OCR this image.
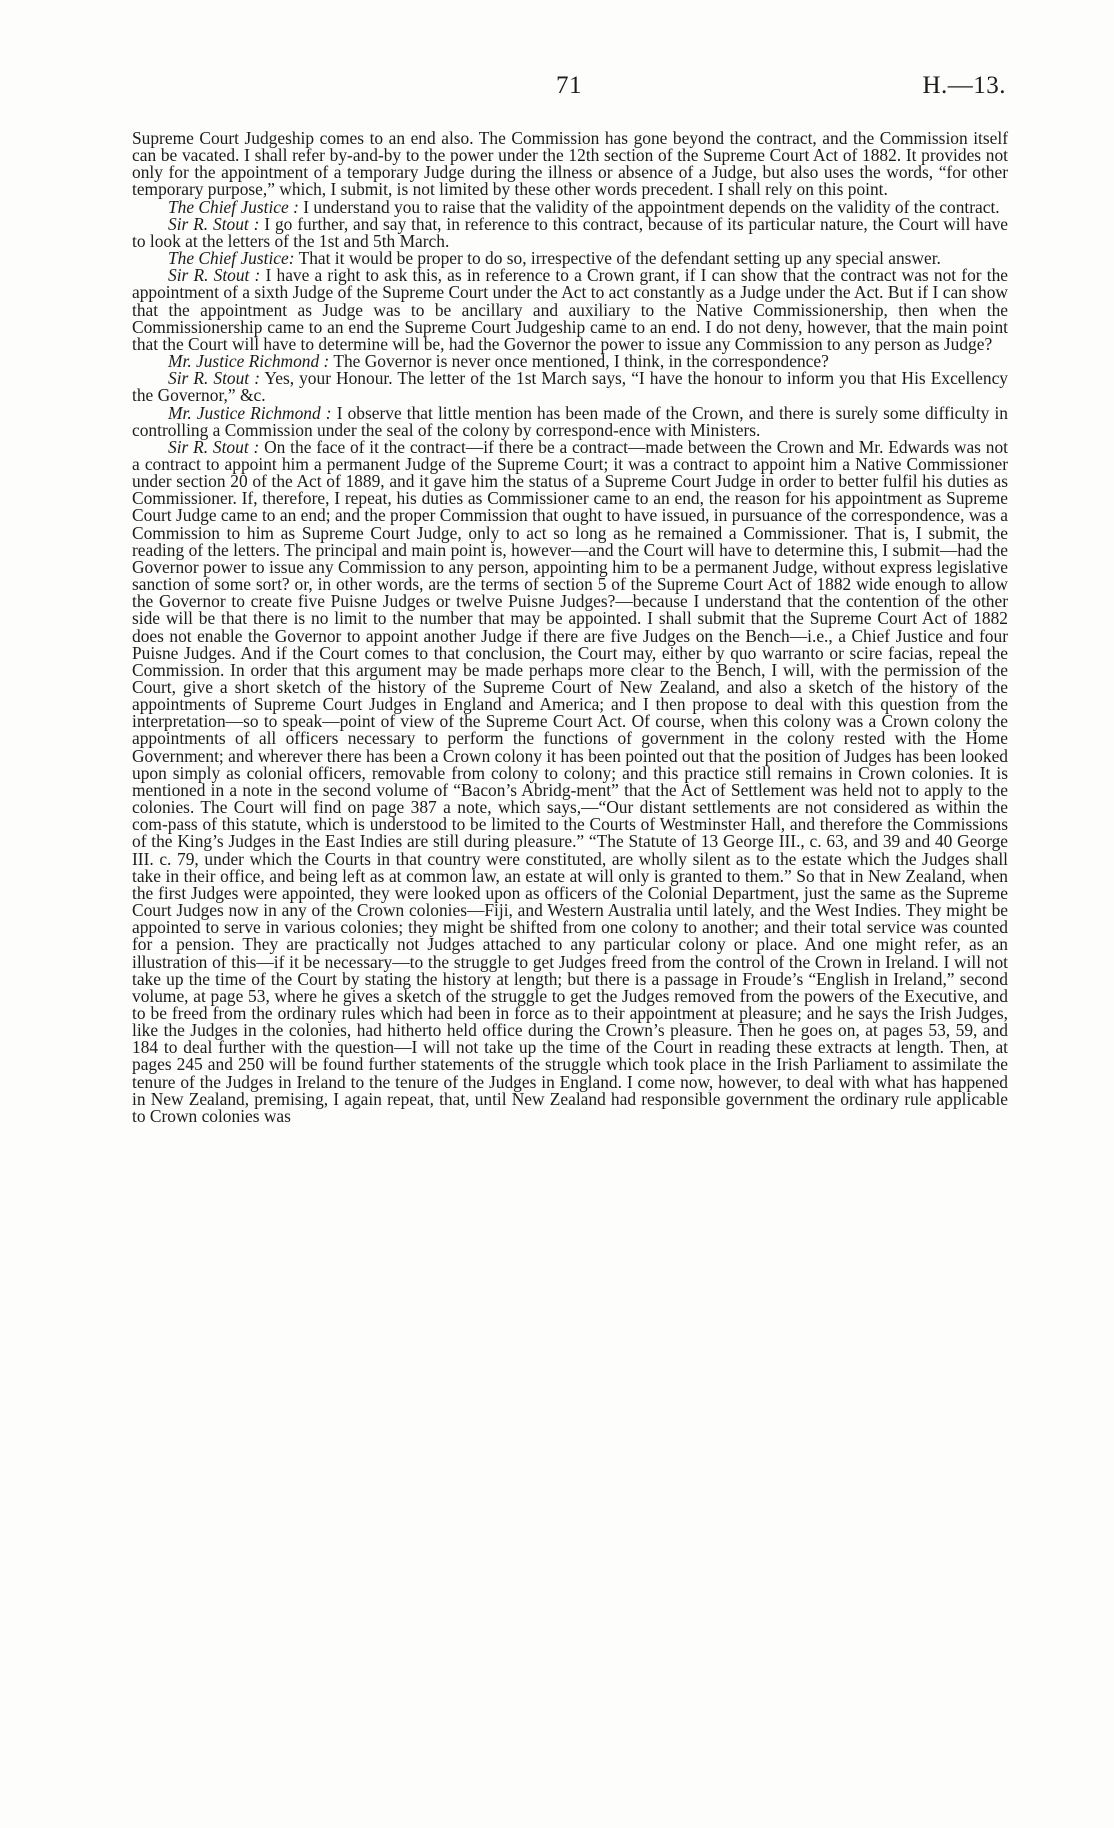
71	H.—13.

Supreme Court Judgeship comes to an end also. The Commission has gone beyond the contract, and the Commission itself can be vacated. I shall refer by-and-by to the power under the 12th section of the Supreme Court Act of 1882. It provides not only for the appointment of a temporary Judge during the illness or absence of a Judge, but also uses the words, “for other temporary purpose,” which, I submit, is not limited by these other words precedent. I shall rely on this point.

The Chief Justice : I understand you to raise that the validity of the appointment depends on the validity of the contract.

Sir R. Stout : I go further, and say that, in reference to this contract, because of its particular nature, the Court will have to look at the letters of the 1st and 5th March.

The Chief Justice: That it would be proper to do so, irrespective of the defendant setting up any special answer.

Sir R. Stout : I have a right to ask this, as in reference to a Crown grant, if I can show that the contract was not for the appointment of a sixth Judge of the Supreme Court under the Act to act constantly as a Judge under the Act. But if I can show that the appointment as Judge was to be ancillary and auxiliary to the Native Commissionership, then when the Commissionership came to an end the Supreme Court Judgeship came to an end. I do not deny, however, that the main point that the Court will have to determine will be, had the Governor the power to issue any Commission to any person as Judge?

Mr. Justice Richmond : The Governor is never once mentioned, I think, in the correspondence?

Sir R. Stout : Yes, your Honour. The letter of the 1st March says, “I have the honour to inform you that His Excellency the Governor,” &c.

Mr. Justice Richmond : I observe that little mention has been made of the Crown, and there is surely some difficulty in controlling a Commission under the seal of the colony by correspond-ence with Ministers.

Sir R. Stout : On the face of it the contract—if there be a contract—made between the Crown and Mr. Edwards was not a contract to appoint him a permanent Judge of the Supreme Court; it was a contract to appoint him a Native Commissioner under section 20 of the Act of 1889, and it gave him the status of a Supreme Court Judge in order to better fulfil his duties as Commissioner. If, therefore, I repeat, his duties as Commissioner came to an end, the reason for his appointment as Supreme Court Judge came to an end; and the proper Commission that ought to have issued, in pursuance of the correspondence, was a Commission to him as Supreme Court Judge, only to act so long as he remained a Commissioner. That is, I submit, the reading of the letters. The principal and main point is, however—and the Court will have to determine this, I submit—had the Governor power to issue any Commission to any person, appointing him to be a permanent Judge, without express legislative sanction of some sort? or, in other words, are the terms of section 5 of the Supreme Court Act of 1882 wide enough to allow the Governor to create five Puisne Judges or twelve Puisne Judges?—because I understand that the contention of the other side will be that there is no limit to the number that may be appointed. I shall submit that the Supreme Court Act of 1882 does not enable the Governor to appoint another Judge if there are five Judges on the Bench—i.e., a Chief Justice and four Puisne Judges. And if the Court comes to that conclusion, the Court may, either by quo warranto or scire facias, repeal the Commission. In order that this argument may be made perhaps more clear to the Bench, I will, with the permission of the Court, give a short sketch of the history of the Supreme Court of New Zealand, and also a sketch of the history of the appointments of Supreme Court Judges in England and America; and I then propose to deal with this question from the interpretation—so to speak—point of view of the Supreme Court Act. Of course, when this colony was a Crown colony the appointments of all officers necessary to perform the functions of government in the colony rested with the Home Government; and wherever there has been a Crown colony it has been pointed out that the position of Judges has been looked upon simply as colonial officers, removable from colony to colony; and this practice still remains in Crown colonies. It is mentioned in a note in the second volume of “Bacon’s Abridg-ment” that the Act of Settlement was held not to apply to the colonies. The Court will find on page 387 a note, which says,—“Our distant settlements are not considered as within the com-pass of this statute, which is understood to be limited to the Courts of Westminster Hall, and therefore the Commissions of the King’s Judges in the East Indies are still during pleasure.” “The Statute of 13 George III., c. 63, and 39 and 40 George III. c. 79, under which the Courts in that country were constituted, are wholly silent as to the estate which the Judges shall take in their office, and being left as at common law, an estate at will only is granted to them.” So that in New Zealand, when the first Judges were appointed, they were looked upon as officers of the Colonial Department, just the same as the Supreme Court Judges now in any of the Crown colonies—Fiji, and Western Australia until lately, and the West Indies. They might be appointed to serve in various colonies; they might be shifted from one colony to another; and their total service was counted for a pension. They are practically not Judges attached to any particular colony or place. And one might refer, as an illustration of this—if it be necessary—to the struggle to get Judges freed from the control of the Crown in Ireland. I will not take up the time of the Court by stating the history at length; but there is a passage in Froude’s “English in Ireland,” second volume, at page 53, where he gives a sketch of the struggle to get the Judges removed from the powers of the Executive, and to be freed from the ordinary rules which had been in force as to their appointment at pleasure; and he says the Irish Judges, like the Judges in the colonies, had hitherto held office during the Crown’s pleasure. Then he goes on, at pages 53, 59, and 184 to deal further with the question—I will not take up the time of the Court in reading these extracts at length. Then, at pages 245 and 250 will be found further statements of the struggle which took place in the Irish Parliament to assimilate the tenure of the Judges in Ireland to the tenure of the Judges in England. I come now, however, to deal with what has happened in New Zealand, premising, I again repeat, that, until New Zealand had responsible government the ordinary rule applicable to Crown colonies was
